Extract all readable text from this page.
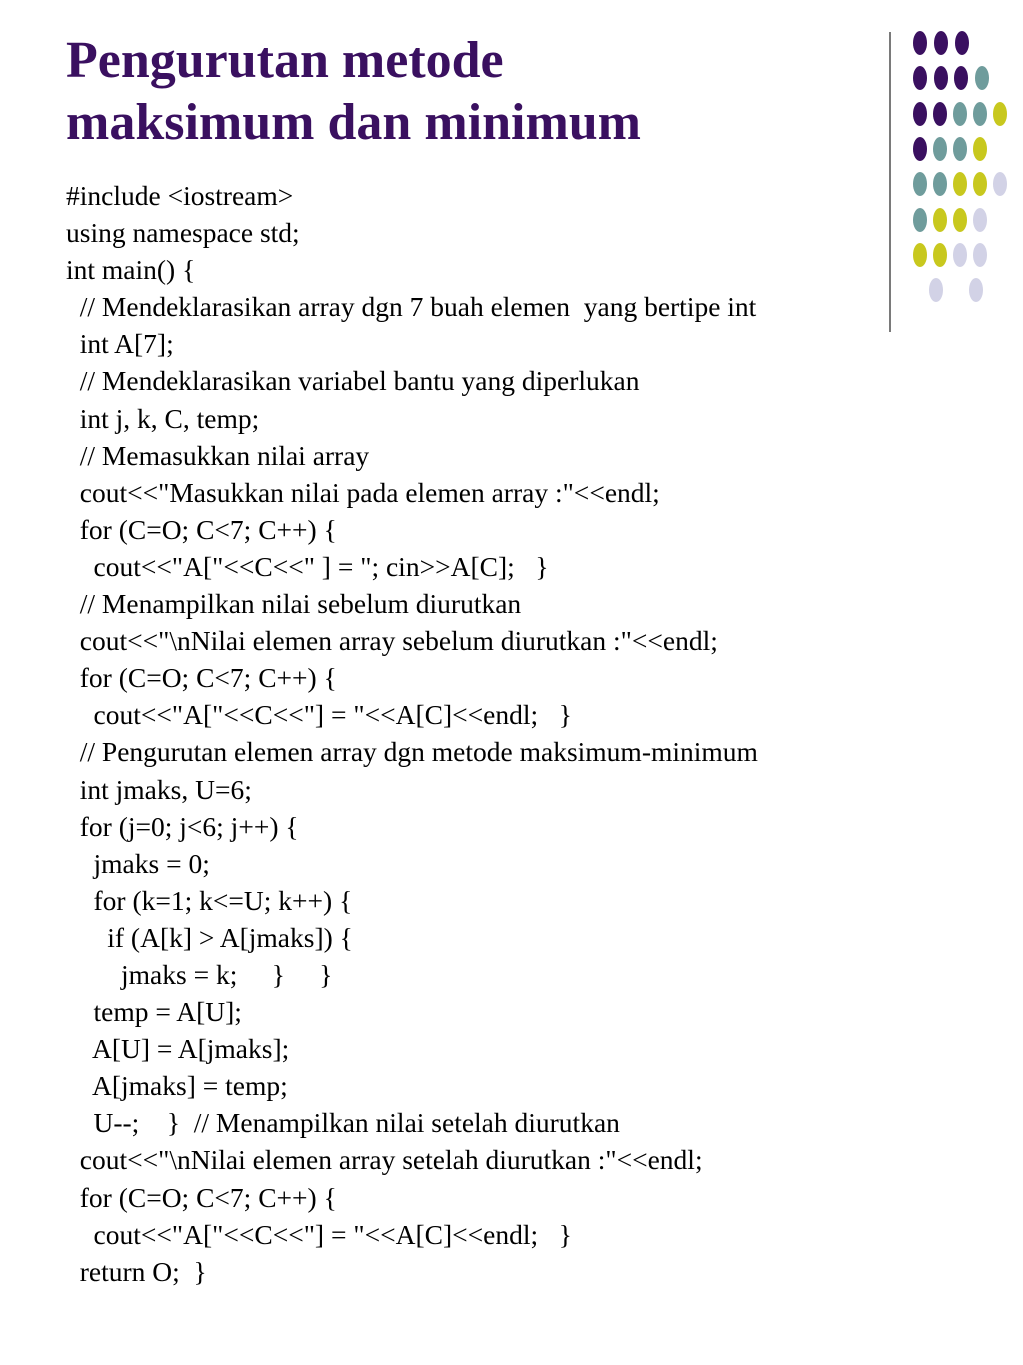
Pengurutan metode
maksimum dan minimum
#include <iostream>
using namespace std;
int main() {
// Mendeklarasikan array dgn 7 buah elemen  yang bertipe int
int A[7];
// Mendeklarasikan variabel bantu yang diperlukan
int j, k, C, temp;
// Memasukkan nilai array
cout<<"Masukkan nilai pada elemen array :"<<endl;
for (C=O; C<7; C++) {
cout<<"A["<<C<<" ] = "; cin>>A[C];   }
// Menampilkan nilai sebelum diurutkan
cout<<"\nNilai elemen array sebelum diurutkan :"<<endl;
for (C=O; C<7; C++) {
cout<<"A["<<C<<"] = "<<A[C]<<endl;   }
// Pengurutan elemen array dgn metode maksimum-minimum
int jmaks, U=6;
for (j=0; j<6; j++) {
jmaks = 0;
for (k=1; k<=U; k++) {
if (A[k] > A[jmaks]) {
jmaks = k;     }     }
temp = A[U];
A[U] = A[jmaks];
A[jmaks] = temp;
U--;    }  // Menampilkan nilai setelah diurutkan
cout<<"\nNilai elemen array setelah diurutkan :"<<endl;
for (C=O; C<7; C++) {
cout<<"A["<<C<<"] = "<<A[C]<<endl;   }
return O;  }
